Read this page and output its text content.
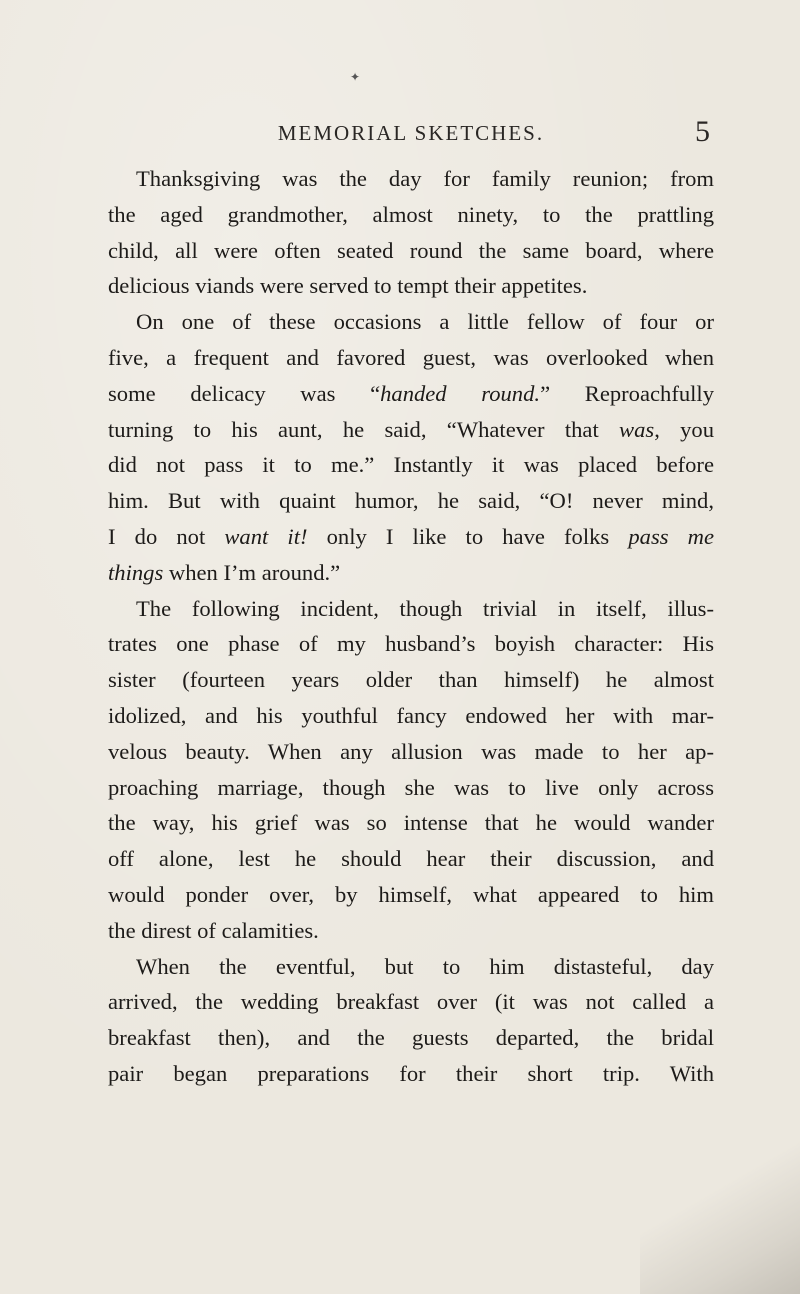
✦
MEMORIAL SKETCHES.	5
Thanksgiving was the day for family reunion; from
the aged grandmother, almost ninety, to the prattling
child, all were often seated round the same board, where
delicious viands were served to tempt their appetites.
On one of these occasions a little fellow of four or
five, a frequent and favored guest, was overlooked when
some delicacy was “handed round.” Reproachfully
turning to his aunt, he said, “Whatever that was, you
did not pass it to me.” Instantly it was placed before
him. But with quaint humor, he said, “O! never mind,
I do not want it! only I like to have folks pass me
things when I’m around.”
The following incident, though trivial in itself, illus-
trates one phase of my husband’s boyish character: His
sister (fourteen years older than himself) he almost
idolized, and his youthful fancy endowed her with mar-
velous beauty. When any allusion was made to her ap-
proaching marriage, though she was to live only across
the way, his grief was so intense that he would wander
off alone, lest he should hear their discussion, and
would ponder over, by himself, what appeared to him
the direst of calamities.
When the eventful, but to him distasteful, day
arrived, the wedding breakfast over (it was not called a
breakfast then), and the guests departed, the bridal
pair began preparations for their short trip. With
